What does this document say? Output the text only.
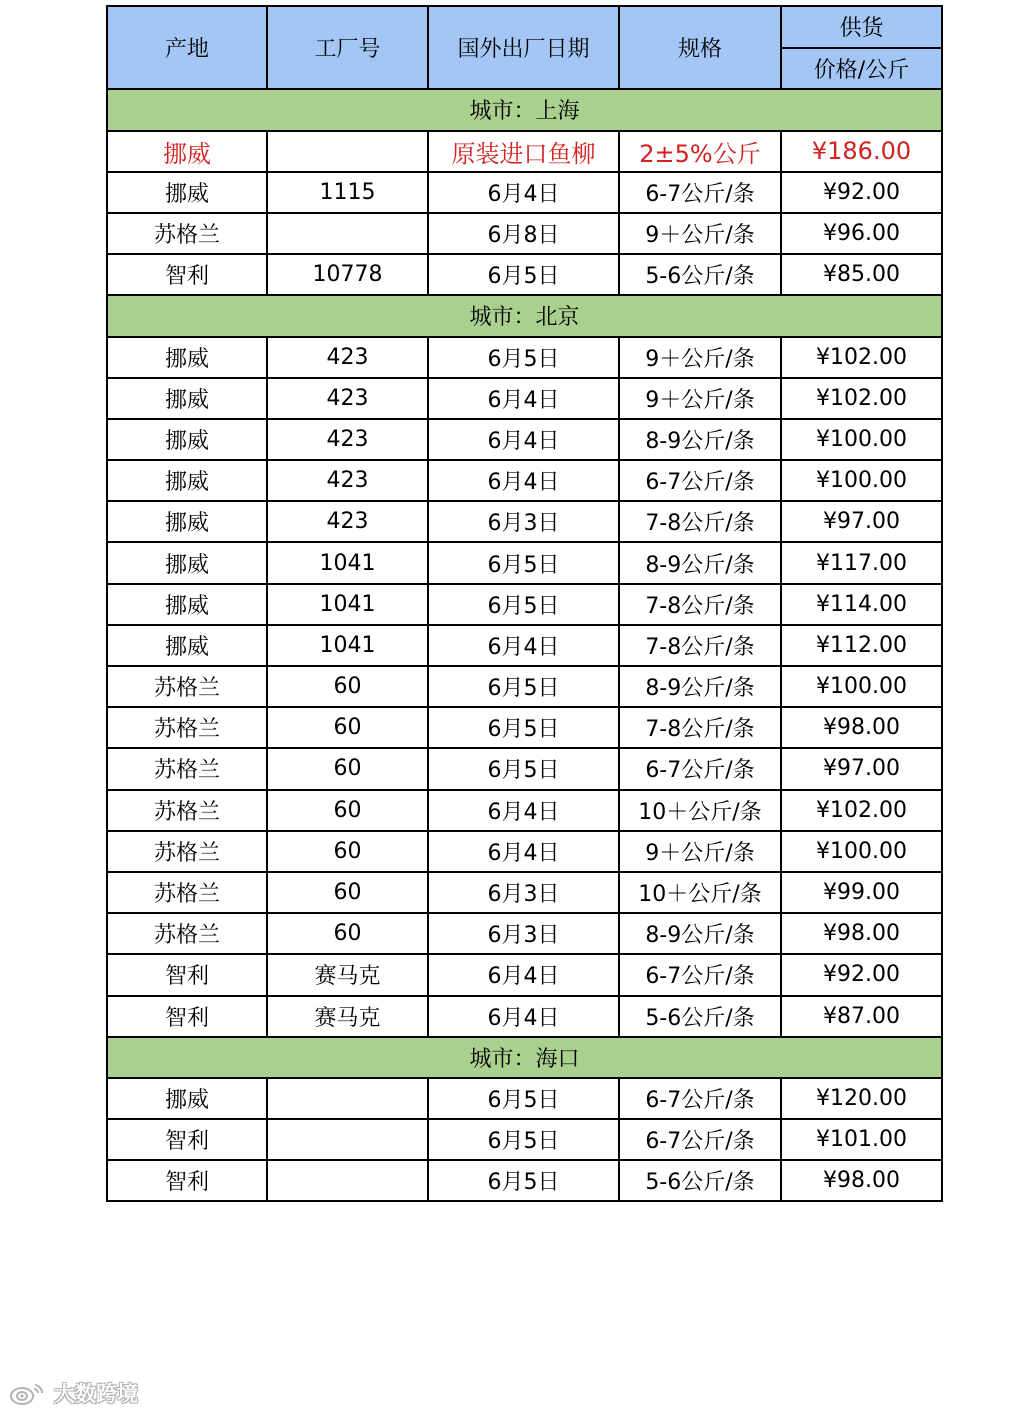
产地	工厂号	国外出厂日期	规格	供货
				价格/公斤
城市：上海				
挪威		原装进口鱼柳	2±5%公斤	¥186.00
挪威	1115	6月4日	6-7公斤/条	¥92.00
苏格兰		6月8日	9＋公斤/条	¥96.00
智利	10778	6月5日	5-6公斤/条	¥85.00
城市：北京				
挪威	423	6月5日	9＋公斤/条	¥102.00
挪威	423	6月4日	9＋公斤/条	¥102.00
挪威	423	6月4日	8-9公斤/条	¥100.00
挪威	423	6月4日	6-7公斤/条	¥100.00
挪威	423	6月3日	7-8公斤/条	¥97.00
挪威	1041	6月5日	8-9公斤/条	¥117.00
挪威	1041	6月5日	7-8公斤/条	¥114.00
挪威	1041	6月4日	7-8公斤/条	¥112.00
苏格兰	60	6月5日	8-9公斤/条	¥100.00
苏格兰	60	6月5日	7-8公斤/条	¥98.00
苏格兰	60	6月5日	6-7公斤/条	¥97.00
苏格兰	60	6月4日	10＋公斤/条	¥102.00
苏格兰	60	6月4日	9＋公斤/条	¥100.00
苏格兰	60	6月3日	10＋公斤/条	¥99.00
苏格兰	60	6月3日	8-9公斤/条	¥98.00
智利	赛马克	6月4日	6-7公斤/条	¥92.00
智利	赛马克	6月4日	5-6公斤/条	¥87.00
城市：海口				
挪威		6月5日	6-7公斤/条	¥120.00
智利		6月5日	6-7公斤/条	¥101.00
智利		6月5日	5-6公斤/条	¥98.00
大数跨境
